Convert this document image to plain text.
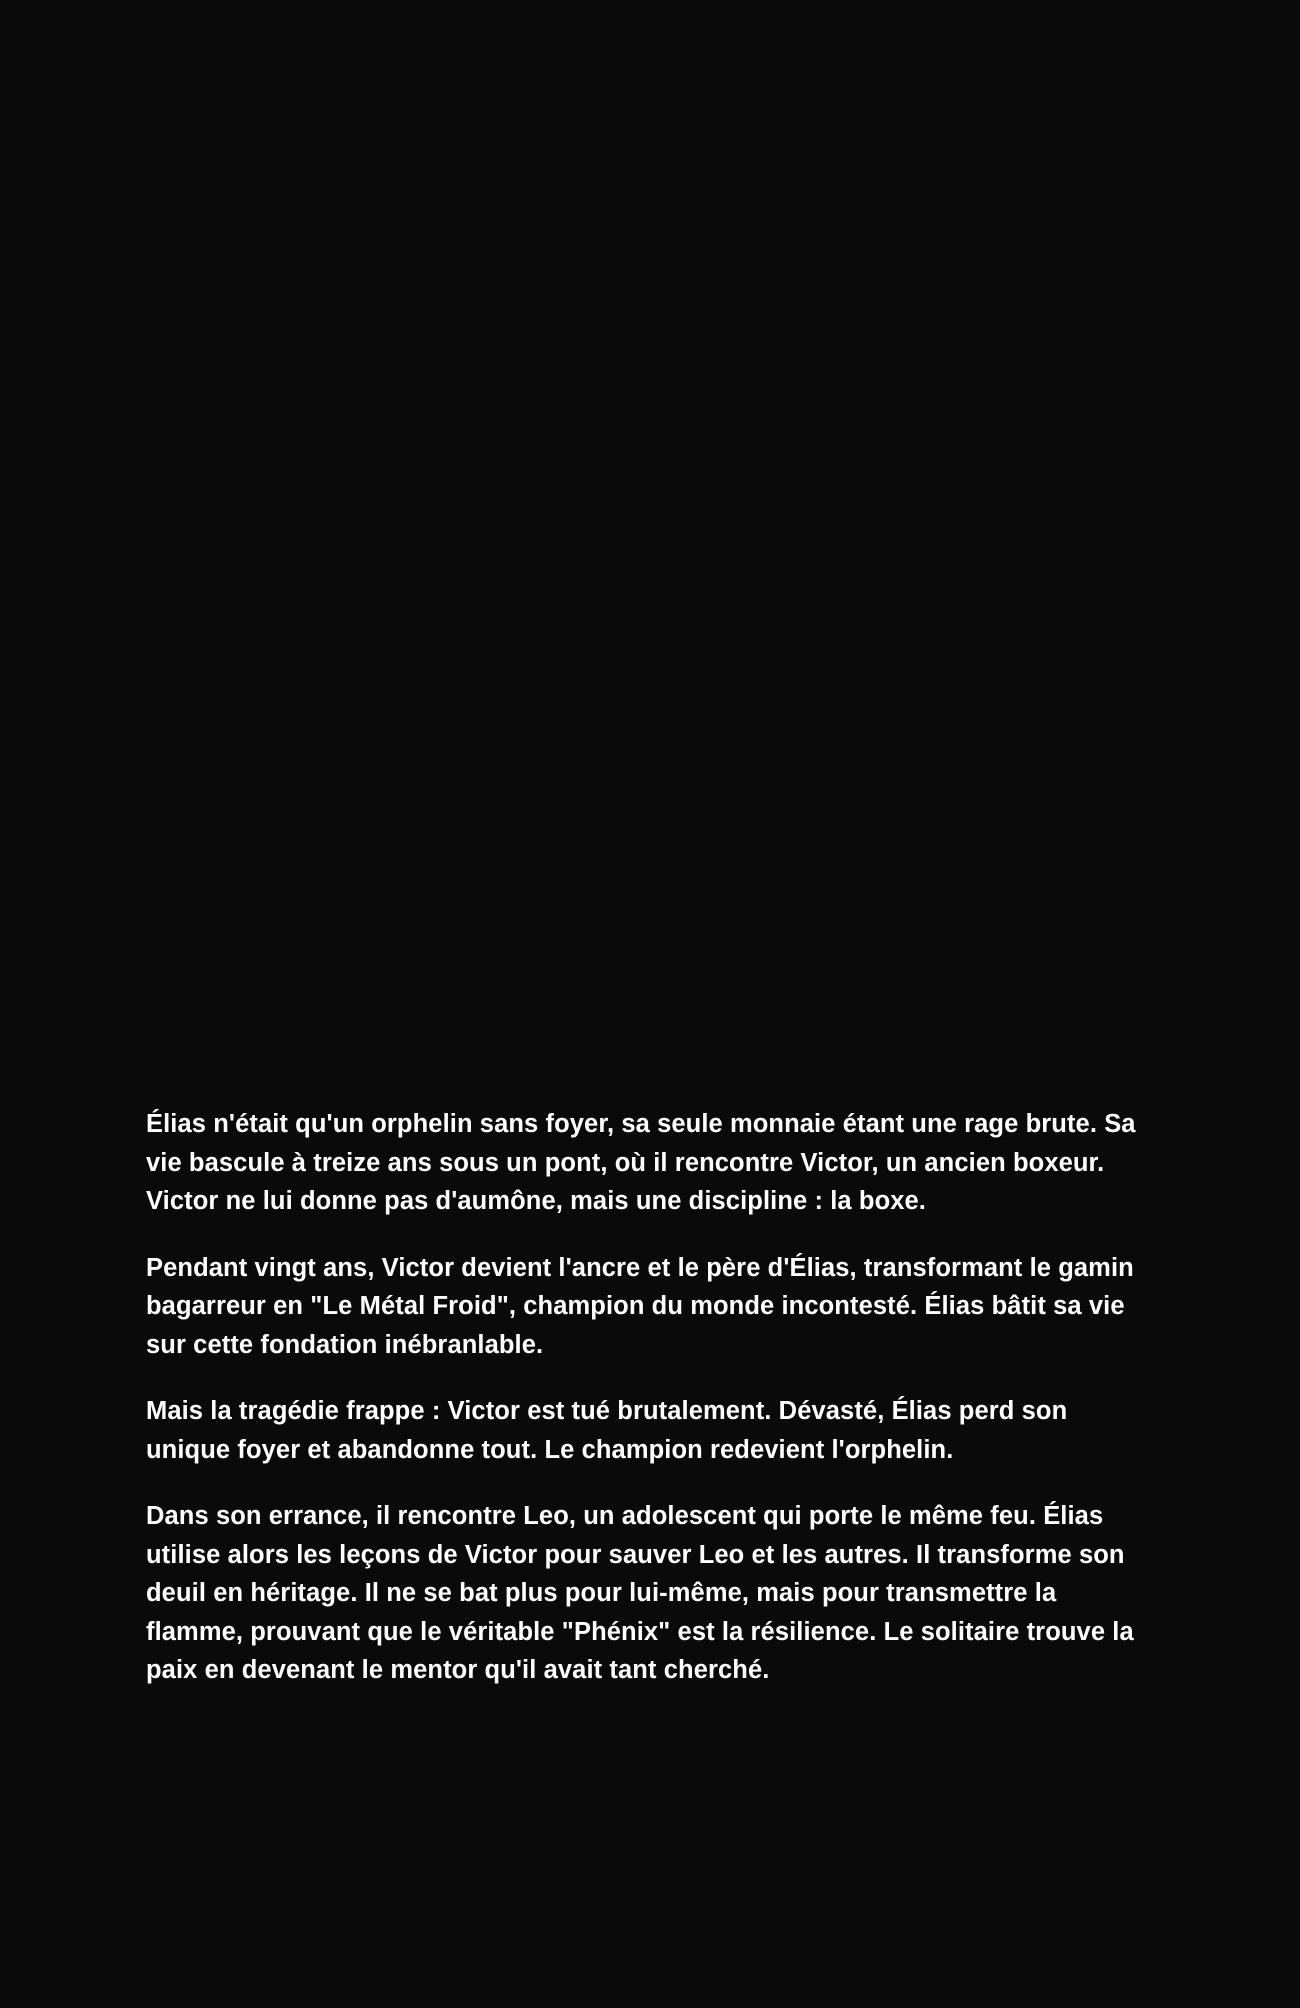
Élias n'était qu'un orphelin sans foyer, sa seule monnaie étant une rage brute. Sa vie bascule à treize ans sous un pont, où il rencontre Victor, un ancien boxeur. Victor ne lui donne pas d'aumône, mais une discipline : la boxe.

Pendant vingt ans, Victor devient l'ancre et le père d'Élias, transformant le gamin bagarreur en "Le Métal Froid", champion du monde incontesté. Élias bâtit sa vie sur cette fondation inébranlable.

Mais la tragédie frappe : Victor est tué brutalement. Dévasté, Élias perd son unique foyer et abandonne tout. Le champion redevient l'orphelin.

Dans son errance, il rencontre Leo, un adolescent qui porte le même feu. Élias utilise alors les leçons de Victor pour sauver Leo et les autres. Il transforme son deuil en héritage. Il ne se bat plus pour lui-même, mais pour transmettre la flamme, prouvant que le véritable "Phénix" est la résilience. Le solitaire trouve la paix en devenant le mentor qu'il avait tant cherché.
